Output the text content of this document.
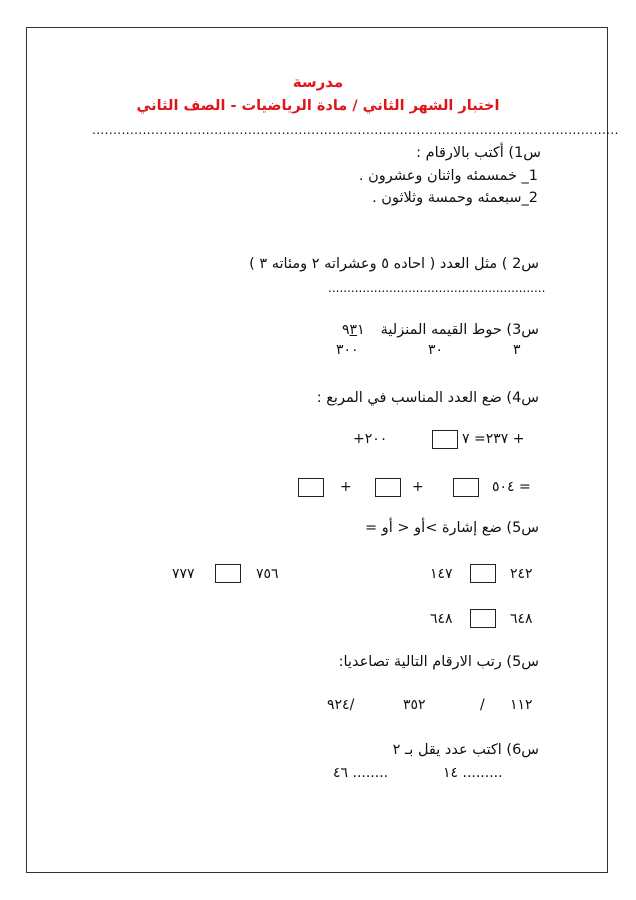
مدرسة
اختبار الشهر الثاني / مادة الرياضيات - الصف الثاني
.............................................................................................................................
س1) أكتب بالارقام :
1_ خمسمئه واثنان وعشرون .
2_سبعمئه وحمسة وثلاثون .
س2 ) مثل العدد ( احاده ٥ وعشراته ٢ ومئاته ٣ )
.........................................................
س3) حوط القيمه المنزلية
٩٣١
٣٠٠	٣٠	٣
س4) ضع العدد المناسب في المربع :
٢٣٧= ٧ +
+٢٠٠
٥٠٤ =
+
+
س5) ضع إشارة >أو < أو =
٢٤٢
١٤٧
٧٥٦
٧٧٧
٦٤٨
٦٤٨
س5) رتب الارقام التالية تصاعديا:
١١٢
/
٣٥٢
٩٢٤/
س6) اكتب عدد يقل بـ ٢
١٤ .........
٤٦ ........
